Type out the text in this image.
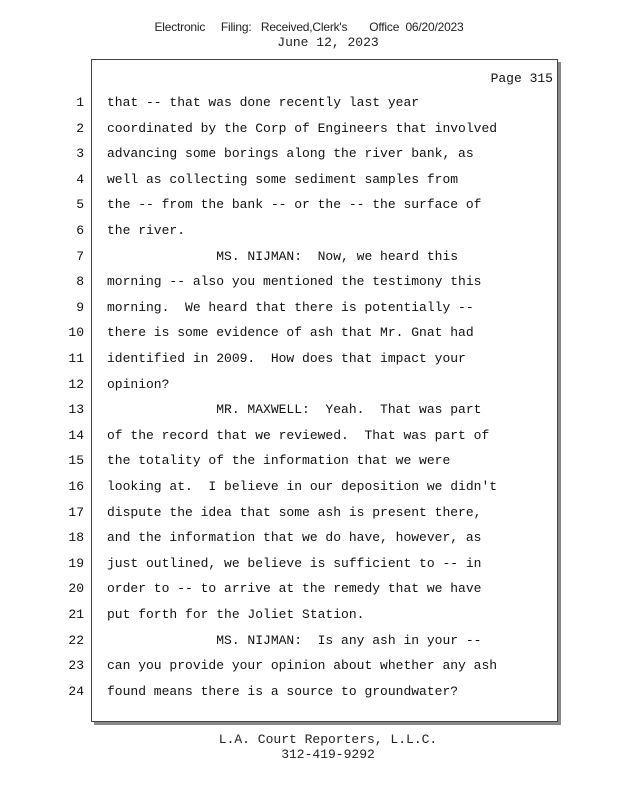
Electronic     Filing:   Received,Clerk's       Office  06/20/2023
June 12, 2023
Page 315
1 that -- that was done recently last year
2 coordinated by the Corp of Engineers that involved
3 advancing some borings along the river bank, as
4 well as collecting some sediment samples from
5 the -- from the bank -- or the -- the surface of
6 the river.
7 MS. NIJMAN:  Now, we heard this
8 morning -- also you mentioned the testimony this
9 morning.  We heard that there is potentially --
10 there is some evidence of ash that Mr. Gnat had
11 identified in 2009.  How does that impact your
12 opinion?
13 MR. MAXWELL:  Yeah.  That was part
14 of the record that we reviewed.  That was part of
15 the totality of the information that we were
16 looking at.  I believe in our deposition we didn't
17 dispute the idea that some ash is present there,
18 and the information that we do have, however, as
19 just outlined, we believe is sufficient to -- in
20 order to -- to arrive at the remedy that we have
21 put forth for the Joliet Station.
22 MS. NIJMAN:  Is any ash in your --
23 can you provide your opinion about whether any ash
24 found means there is a source to groundwater?
L.A. Court Reporters, L.L.C.
312-419-9292
